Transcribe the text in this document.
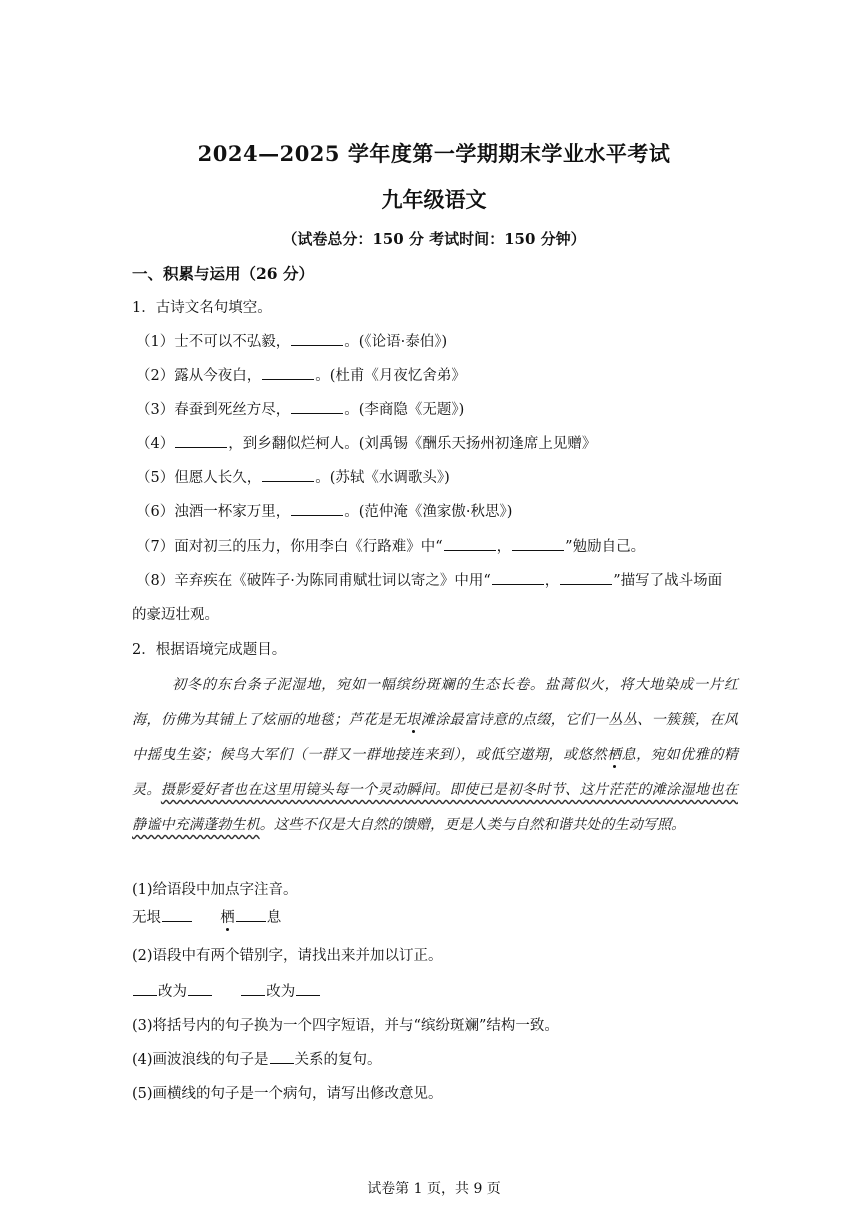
2024—2025 学年度第一学期期末学业水平考试
九年级语文
（试卷总分：150 分 考试时间：150 分钟）
一、积累与运用（26 分）
1．古诗文名句填空。
（1）士不可以不弘毅，	。(《论语·泰伯》)
（2）露从今夜白，	。(杜甫《月夜忆舍弟》
（3）春蚕到死丝方尽，	。(李商隐《无题》)
（4）	，到乡翻似烂柯人。(刘禹锡《酬乐天扬州初逢席上见赠》
（5）但愿人长久，	。(苏轼《水调歌头》)
（6）浊酒一杯家万里，	。(范仲淹《渔家傲·秋思》)
（7）面对初三的压力，你用李白《行路难》中“	，	”勉励自己。
（8）辛弃疾在《破阵子·为陈同甫赋壮词以寄之》中用“	，	”描写了战斗场面
的豪迈壮观。
2．根据语境完成题目。
初冬的东台条子泥湿地，宛如一幅缤纷斑斓的生态长卷。盐蒿似火，将大地染成一片红海，仿佛为其铺上了炫丽的地毯；芦花是无垠滩涂最富诗意的点缀，它们一丛丛、一簇簇，在风中摇曳生姿；候鸟大军们（一群又一群地接连来到），或低空遨翔，或悠然栖息，宛如优雅的精灵。摄影爱好者也在这里用镜头每一个灵动瞬间。即使已是初冬时节、这片茫茫的滩涂湿地也在静谧中充满蓬勃生机。这些不仅是大自然的馈赠，更是人类与自然和谐共处的生动写照。
(1)给语段中加点字注音。
无垠	栖 息
(2)语段中有两个错别字，请找出来并加以订正。
改为	改为
(3)将括号内的句子换为一个四字短语，并与“缤纷斑斓”结构一致。
(4)画波浪线的句子是 关系的复句。
(5)画横线的句子是一个病句，请写出修改意见。
试卷第 1 页，共 9 页
